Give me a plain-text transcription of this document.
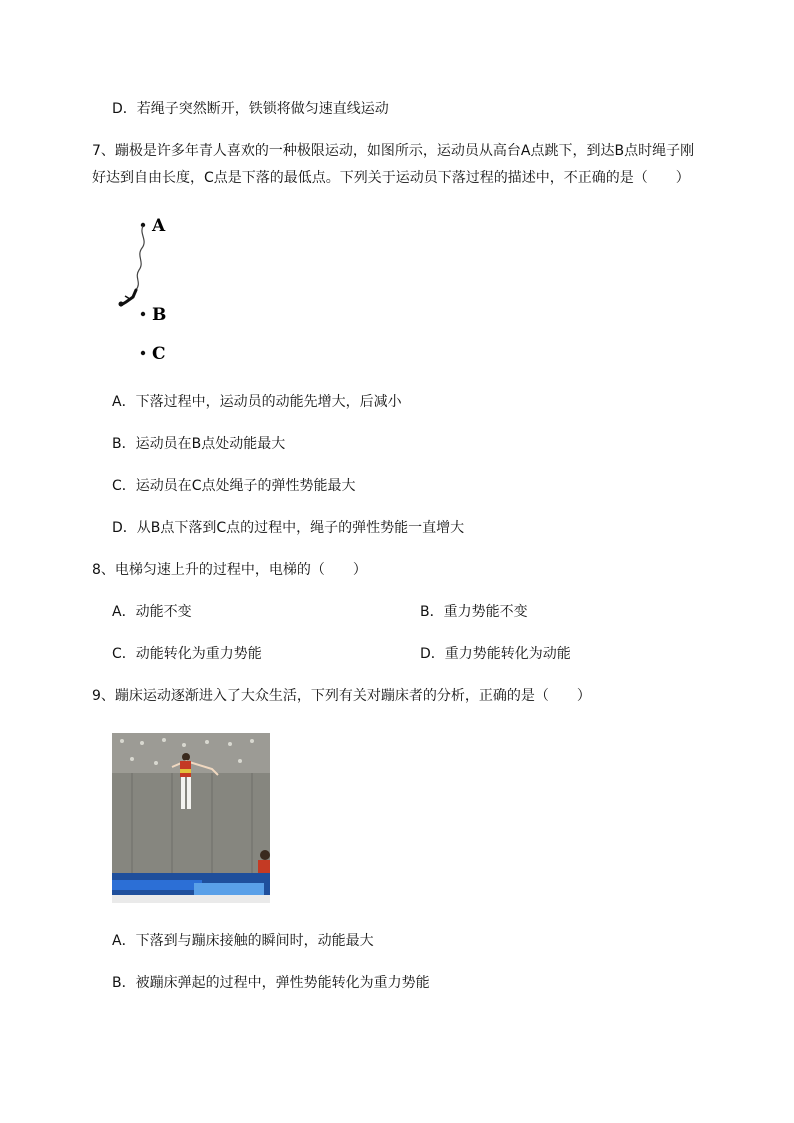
D．若绳子突然断开，铁锁将做匀速直线运动
7、蹦极是许多年青人喜欢的一种极限运动，如图所示，运动员从高台A点跳下，到达B点时绳子刚
好达到自由长度，C点是下落的最低点。下列关于运动员下落过程的描述中，不正确的是（　　）
A
B
C
A．下落过程中，运动员的动能先增大，后减小
B．运动员在B点处动能最大
C．运动员在C点处绳子的弹性势能最大
D．从B点下落到C点的过程中，绳子的弹性势能一直增大
8、电梯匀速上升的过程中，电梯的（　　）
A．动能不变	B．重力势能不变
C．动能转化为重力势能	D．重力势能转化为动能
9、蹦床运动逐渐进入了大众生活，下列有关对蹦床者的分析，正确的是（　　）
A．下落到与蹦床接触的瞬间时，动能最大
B．被蹦床弹起的过程中，弹性势能转化为重力势能
